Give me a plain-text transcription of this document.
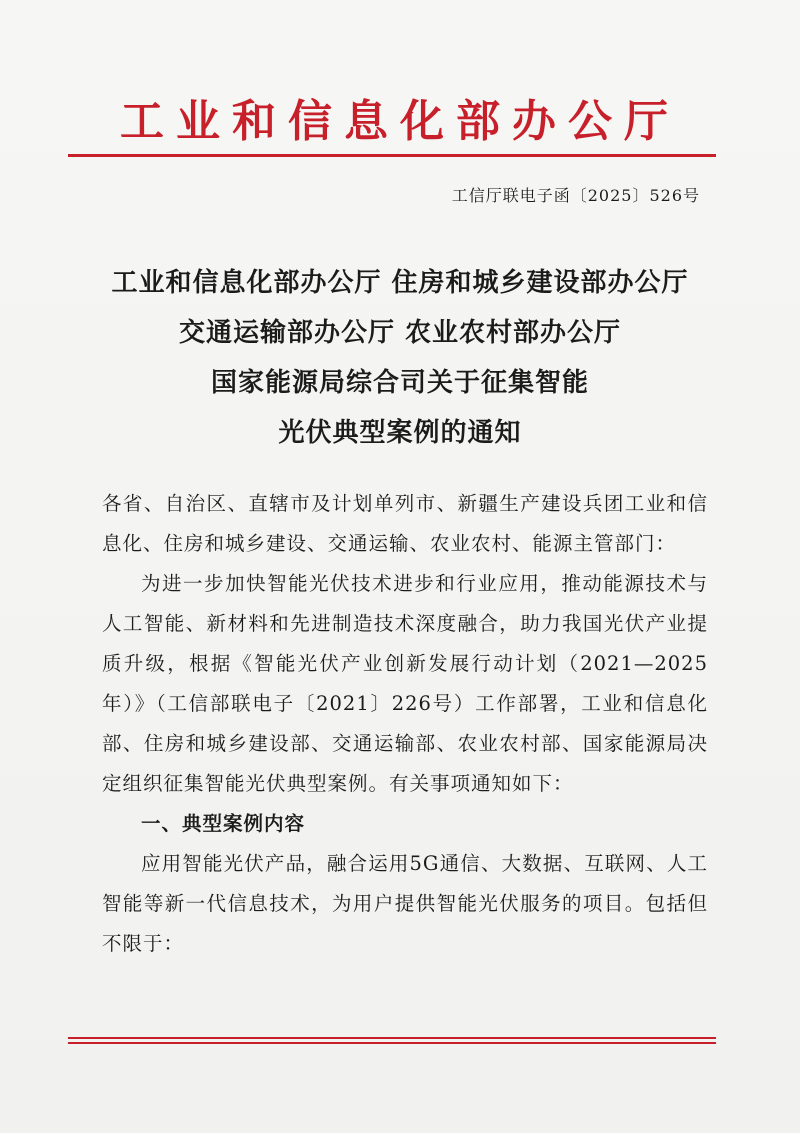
工业和信息化部办公厅
工信厅联电子函〔2025〕526号
工业和信息化部办公厅 住房和城乡建设部办公厅
交通运输部办公厅 农业农村部办公厅
国家能源局综合司关于征集智能
光伏典型案例的通知

各省、自治区、直辖市及计划单列市、新疆生产建设兵团工业和信息化、住房和城乡建设、交通运输、农业农村、能源主管部门：

为进一步加快智能光伏技术进步和行业应用，推动能源技术与人工智能、新材料和先进制造技术深度融合，助力我国光伏产业提质升级，根据《智能光伏产业创新发展行动计划（2021—2025年）》（工信部联电子〔2021〕226号）工作部署，工业和信息化部、住房和城乡建设部、交通运输部、农业农村部、国家能源局决定组织征集智能光伏典型案例。有关事项通知如下：

一、典型案例内容

应用智能光伏产品，融合运用5G通信、大数据、互联网、人工智能等新一代信息技术，为用户提供智能光伏服务的项目。包括但不限于：
